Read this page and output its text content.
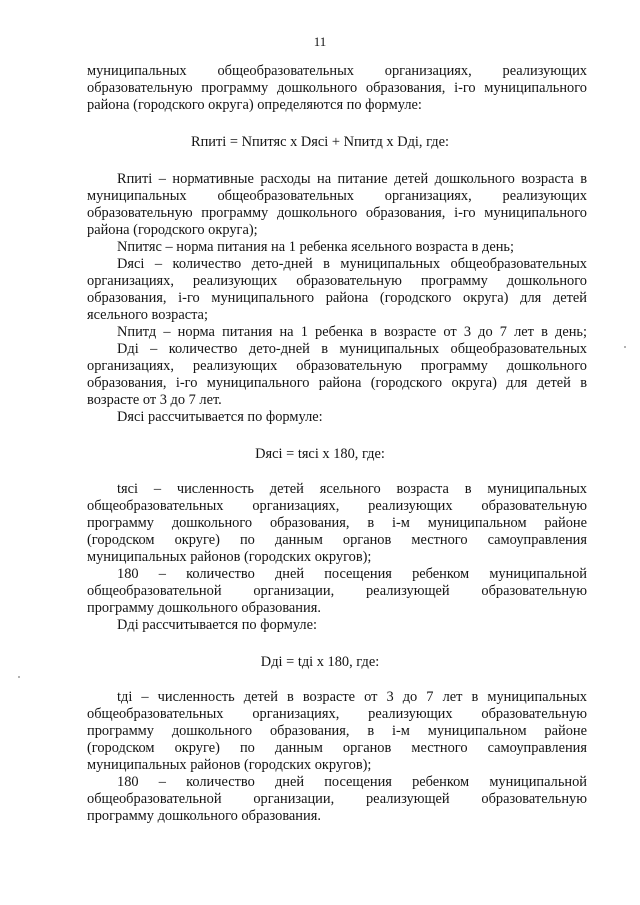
11
муниципальных общеобразовательных организациях, реализующих
образовательную программу дошкольного образования, i-го муниципального
района (городского округа) определяются по формуле:
Rпитi = Nпитяс x Dясi + Nпитд x Dдi, где:
Rпитi – нормативные расходы на питание детей дошкольного возраста в
муниципальных общеобразовательных организациях, реализующих
образовательную программу дошкольного образования, i-го муниципального
района (городского округа);
Nпитяс – норма питания на 1 ребенка ясельного возраста в день;
Dясi – количество дето-дней в муниципальных общеобразовательных
организациях, реализующих образовательную программу дошкольного
образования, i-го муниципального района (городского округа) для детей
ясельного возраста;
Nпитд – норма питания на 1 ребенка в возрасте от 3 до 7 лет в день;
Dдi – количество дето-дней в муниципальных общеобразовательных
организациях, реализующих образовательную программу дошкольного
образования, i-го муниципального района (городского округа) для детей в
возрасте от 3 до 7 лет.
Dясi рассчитывается по формуле:
Dясi = tясi x 180, где:
tясi – численность детей ясельного возраста в муниципальных
общеобразовательных организациях, реализующих образовательную
программу дошкольного образования, в i-м муниципальном районе
(городском округе) по данным органов местного самоуправления
муниципальных районов (городских округов);
180 – количество дней посещения ребенком муниципальной
общеобразовательной организации, реализующей образовательную
программу дошкольного образования.
Dдi рассчитывается по формуле:
Dдi = tдi x 180, где:
tдi – численность детей в возрасте от 3 до 7 лет в муниципальных
общеобразовательных организациях, реализующих образовательную
программу дошкольного образования, в i-м муниципальном районе
(городском округе) по данным органов местного самоуправления
муниципальных районов (городских округов);
180 – количество дней посещения ребенком муниципальной
общеобразовательной организации, реализующей образовательную
программу дошкольного образования.
